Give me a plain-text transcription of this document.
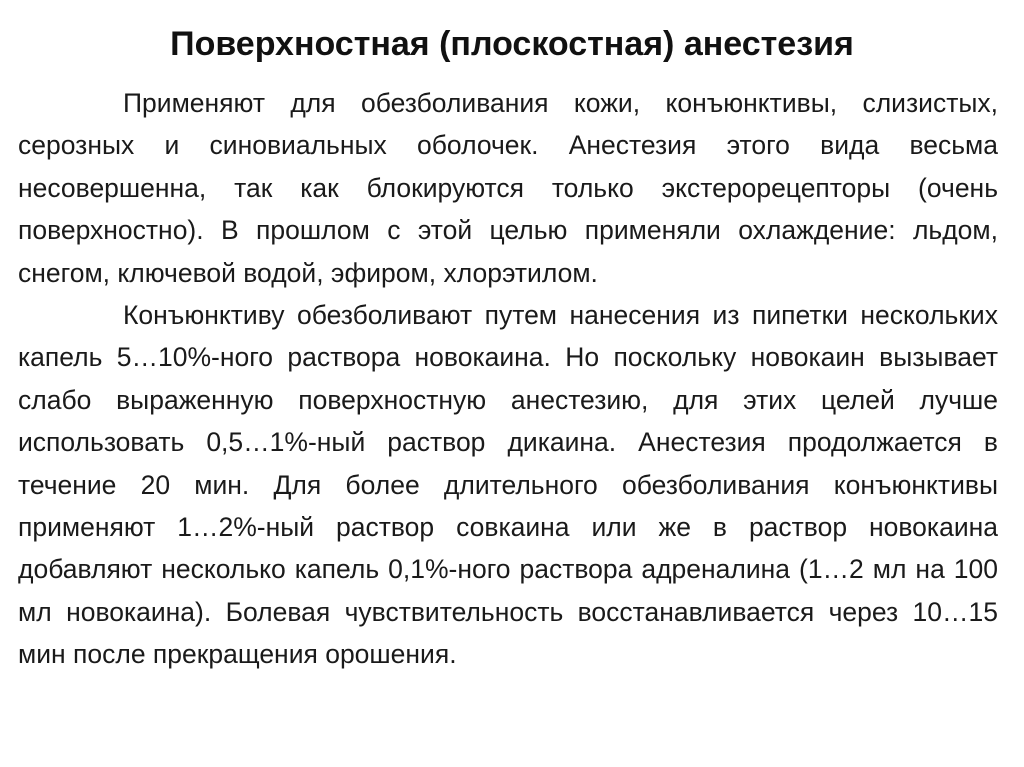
Поверхностная (плоскостная) анестезия

Применяют для обезболивания кожи, конъюнктивы, слизистых, серозных и синовиальных оболочек. Анестезия этого вида весьма несовершенна, так как блокируются только экстерорецепторы (очень поверхностно). В прошлом с этой целью применяли охлаждение: льдом, снегом, ключевой водой, эфиром, хлорэтилом.

Конъюнктиву обезболивают путем нанесения из пипетки нескольких капель 5…10%-ного раствора новокаина. Но поскольку новокаин вызывает слабо выраженную поверхностную анестезию, для этих целей лучше использовать 0,5…1%-ный раствор дикаина. Анестезия продолжается в течение 20 мин. Для более длительного обезболивания конъюнктивы применяют 1…2%-ный раствор совкаина или же в раствор новокаина добавляют несколько капель 0,1%-ного раствора адреналина (1…2 мл на 100 мл новокаина). Болевая чувствительность восстанавливается через 10…15 мин после прекращения орошения.
